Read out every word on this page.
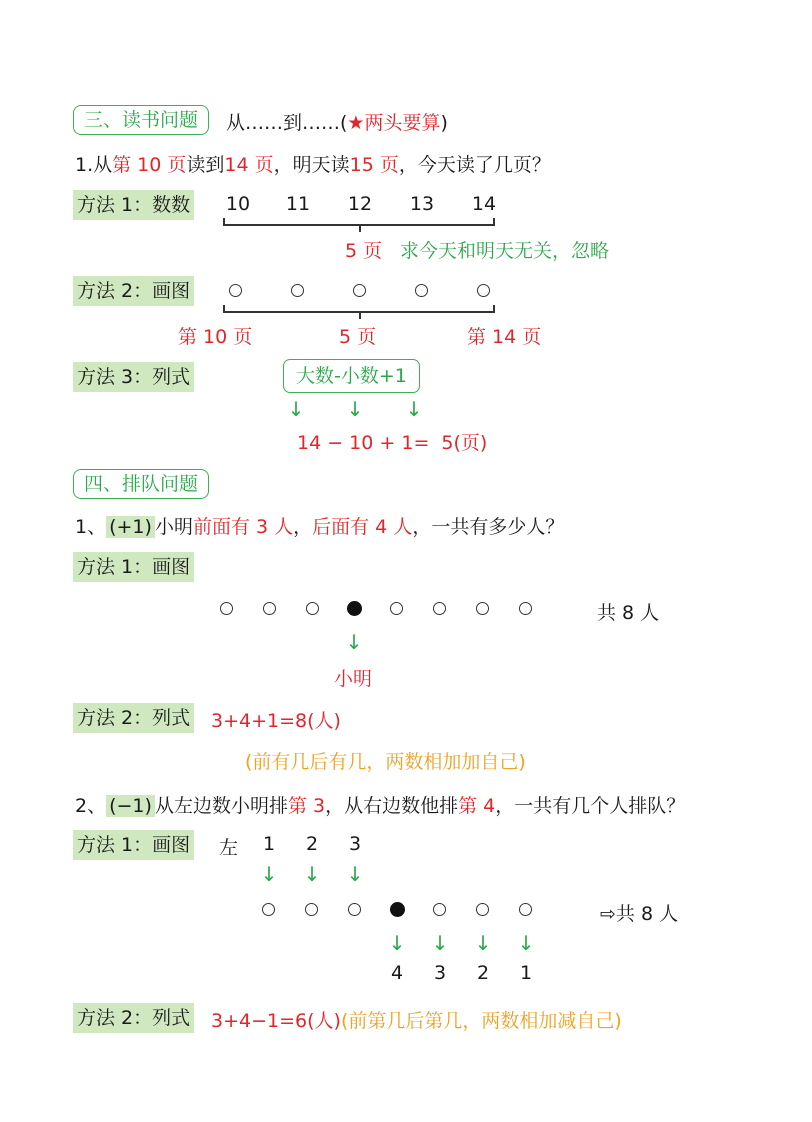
三、读书问题	从……到……(★两头要算)
1.从第 10 页读到14 页，明天读15 页，今天读了几页？
方法 1：数数	10	11	12	13	14
5 页 求今天和明天无关，忽略
方法 2：画图
第 10 页	5 页	第 14 页
方法 3：列式	大数-小数+1
↓ ↓ ↓
14 − 10 + 1= 5(页)
四、排队问题
1、 (+1) 小明前面有 3 人，后面有 4 人，一共有多少人？
方法 1：画图
共 8 人
↓
小明
方法 2：列式 3+4+1=8(人)
(前有几后有几，两数相加加自己)
2、 (−1) 从左边数小明排第 3，从右边数他排第 4，一共有几个人排队？
方法 1：画图 左 1 2 3
↓ ↓ ↓
⇨共 8 人
↓ ↓ ↓ ↓
4 3 2 1
方法 2：列式 3+4−1=6(人)(前第几后第几，两数相加减自己)
